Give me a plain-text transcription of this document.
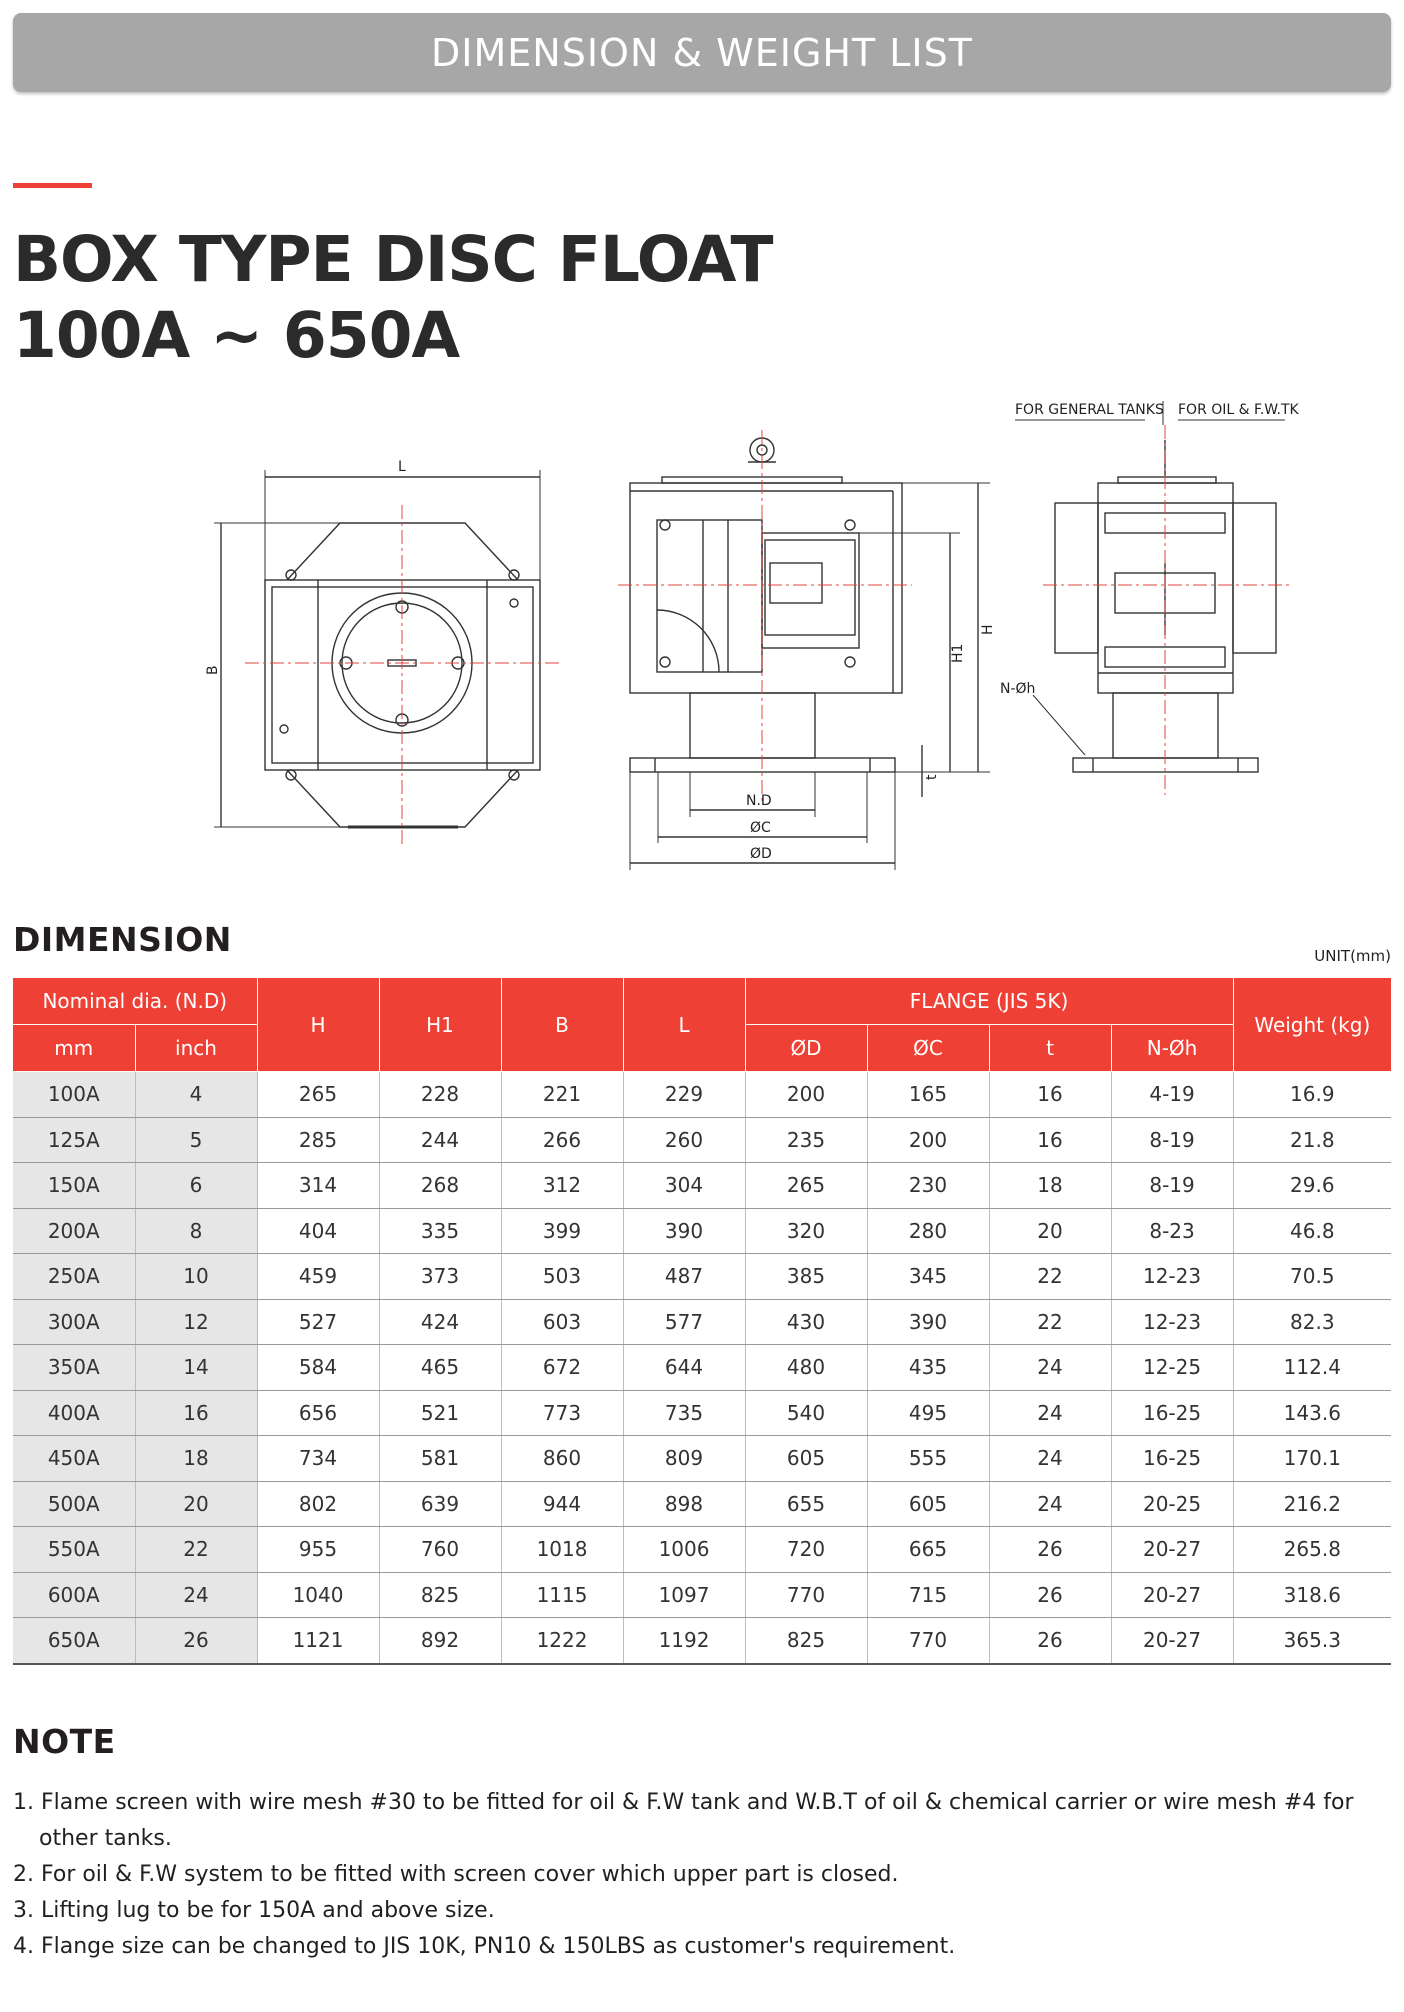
DIMENSION & WEIGHT LIST
BOX TYPE DISC FLOAT
100A ~ 650A
L
B
H
H1
t
N.D
ØC
ØD
FOR GENERAL TANKS FOR OIL & F.W.TK
N-Øh
DIMENSION	UNIT(mm)
Nominal dia. (N.D)		H	H1	B	L	FLANGE (JIS 5K)				Weight (kg)
mm	inch					ØD	ØC	t	N-Øh	
100A	4	265	228	221	229	200	165	16	4-19	16.9
125A	5	285	244	266	260	235	200	16	8-19	21.8
150A	6	314	268	312	304	265	230	18	8-19	29.6
200A	8	404	335	399	390	320	280	20	8-23	46.8
250A	10	459	373	503	487	385	345	22	12-23	70.5
300A	12	527	424	603	577	430	390	22	12-23	82.3
350A	14	584	465	672	644	480	435	24	12-25	112.4
400A	16	656	521	773	735	540	495	24	16-25	143.6
450A	18	734	581	860	809	605	555	24	16-25	170.1
500A	20	802	639	944	898	655	605	24	20-25	216.2
550A	22	955	760	1018	1006	720	665	26	20-27	265.8
600A	24	1040	825	1115	1097	770	715	26	20-27	318.6
650A	26	1121	892	1222	1192	825	770	26	20-27	365.3
NOTE
1. Flame screen with wire mesh #30 to be fitted for oil & F.W tank and W.B.T of oil & chemical carrier or wire mesh #4 for other tanks.
2. For oil & F.W system to be fitted with screen cover which upper part is closed.
3. Lifting lug to be for 150A and above size.
4. Flange size can be changed to JIS 10K, PN10 & 150LBS as customer's requirement.
